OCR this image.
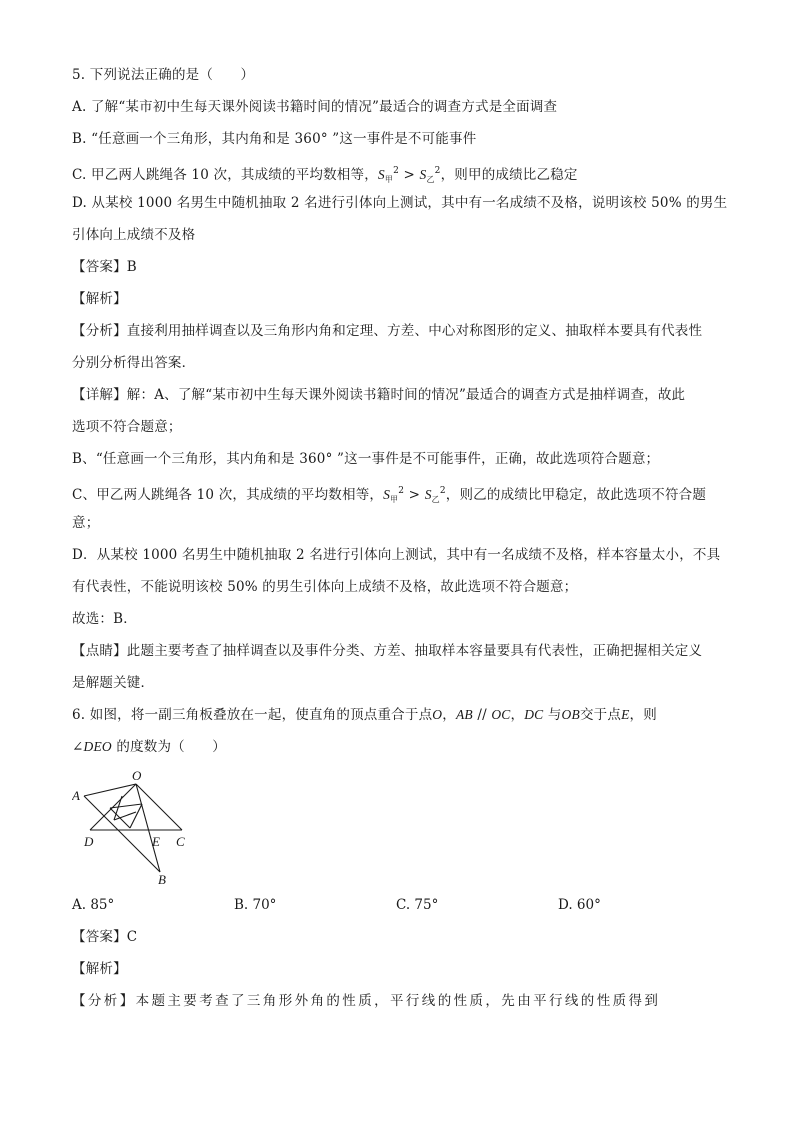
5. 下列说法正确的是（　　）
A. 了解“某市初中生每天课外阅读书籍时间的情况”最适合的调查方式是全面调查
B. “任意画一个三角形，其内角和是 360° ”这一事件是不可能事件
C. 甲乙两人跳绳各 10 次，其成绩的平均数相等，$S_甲^2 > S_乙^2$，则甲的成绩比乙稳定
D. 从某校 1000 名男生中随机抽取 2 名进行引体向上测试，其中有一名成绩不及格，说明该校 50% 的男生
引体向上成绩不及格
【答案】B
【解析】
【分析】直接利用抽样调查以及三角形内角和定理、方差、中心对称图形的定义、抽取样本要具有代表性
分别分析得出答案．
【详解】解：A、了解“某市初中生每天课外阅读书籍时间的情况”最适合的调查方式是抽样调查，故此
选项不符合题意；
B、“任意画一个三角形，其内角和是 360° ”这一事件是不可能事件，正确，故此选项符合题意；
C、甲乙两人跳绳各 10 次，其成绩的平均数相等，$S_甲^2 > S_乙^2$，则乙的成绩比甲稳定，故此选项不符合题
意；
D．从某校 1000 名男生中随机抽取 2 名进行引体向上测试，其中有一名成绩不及格，样本容量太小，不具
有代表性，不能说明该校 50% 的男生引体向上成绩不及格，故此选项不符合题意；
故选：B．
【点睛】此题主要考查了抽样调查以及事件分类、方差、抽取样本容量要具有代表性，正确把握相关定义
是解题关键．
6. 如图，将一副三角板叠放在一起，使直角的顶点重合于点O，AB // OC，DC 与OB交于点E，则
∠DEO 的度数为（　　）
O
A
D	E C
B
A. 85°	B. 70°	C. 75°	D. 60°
【答案】C
【解析】
【分析】本题主要考查了三角形外角的性质，平行线的性质，先由平行线的性质得到
